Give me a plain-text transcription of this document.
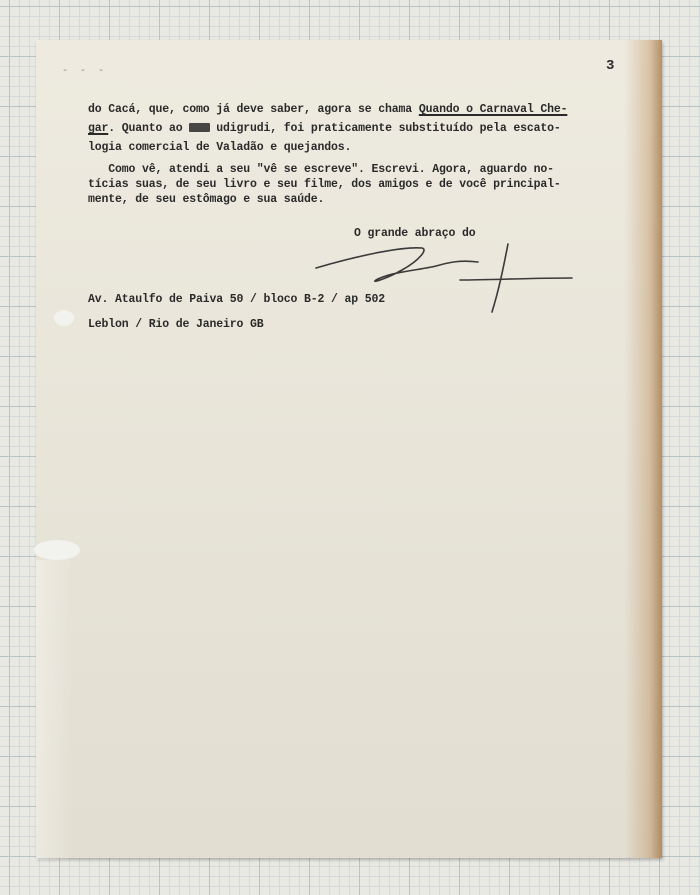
- - -	3
do Cacá, que, como já deve saber, agora se chama Quando o Carnaval Che-
gar. Quanto ao  udigrudi, foi praticamente substituído pela escato-
logia comercial de Valadão e quejandos.
Como vê, atendi a seu "vê se escreve". Escrevi. Agora, aguardo no-
tícias suas, de seu livro e seu filme, dos amigos e de você principal-
mente, de seu estômago e sua saúde.
O grande abraço do
Av. Ataulfo de Paiva 50 / bloco B-2 / ap 502
Leblon / Rio de Janeiro GB
